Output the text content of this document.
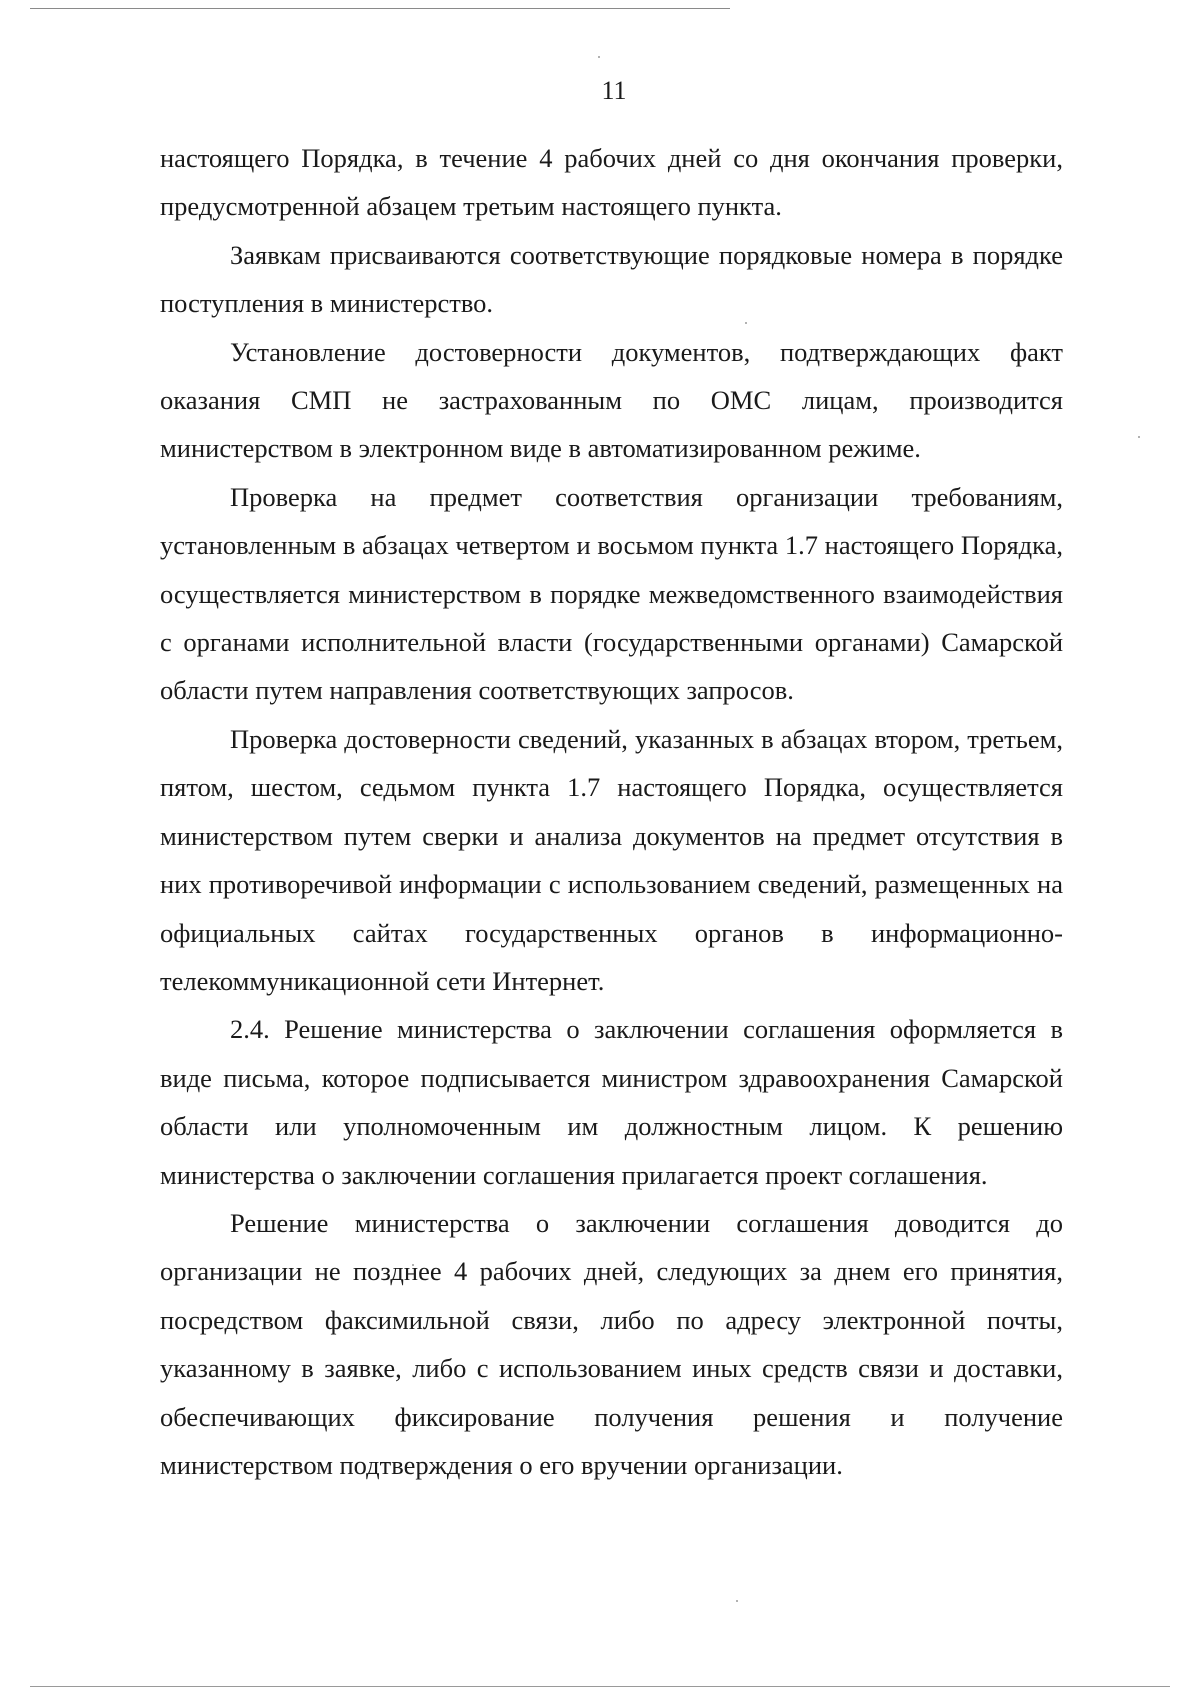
11

настоящего Порядка, в течение 4 рабочих дней со дня окончания проверки, предусмотренной абзацем третьим настоящего пункта.

Заявкам присваиваются соответствующие порядковые номера в порядке поступления в министерство.

Установление достоверности документов, подтверждающих факт оказания СМП не застрахованным по ОМС лицам, производится министерством в электронном виде в автоматизированном режиме.

Проверка на предмет соответствия организации требованиям, установленным в абзацах четвертом и восьмом пункта 1.7 настоящего Порядка, осуществляется министерством в порядке межведомственного взаимодействия с органами исполнительной власти (государственными органами) Самарской области путем направления соответствующих запросов.

Проверка достоверности сведений, указанных в абзацах втором, третьем, пятом, шестом, седьмом пункта 1.7 настоящего Порядка, осуществляется министерством путем сверки и анализа документов на предмет отсутствия в них противоречивой информации с использованием сведений, размещенных на официальных сайтах государственных органов в информационно-телекоммуникационной сети Интернет.

2.4. Решение министерства о заключении соглашения оформляется в виде письма, которое подписывается министром здравоохранения Самарской области или уполномоченным им должностным лицом. К решению министерства о заключении соглашения прилагается проект соглашения.

Решение министерства о заключении соглашения доводится до организации не позднее 4 рабочих дней, следующих за днем его принятия, посредством факсимильной связи, либо по адресу электронной почты, указанному в заявке, либо с использованием иных средств связи и доставки, обеспечивающих фиксирование получения решения и получение министерством подтверждения о его вручении организации.
